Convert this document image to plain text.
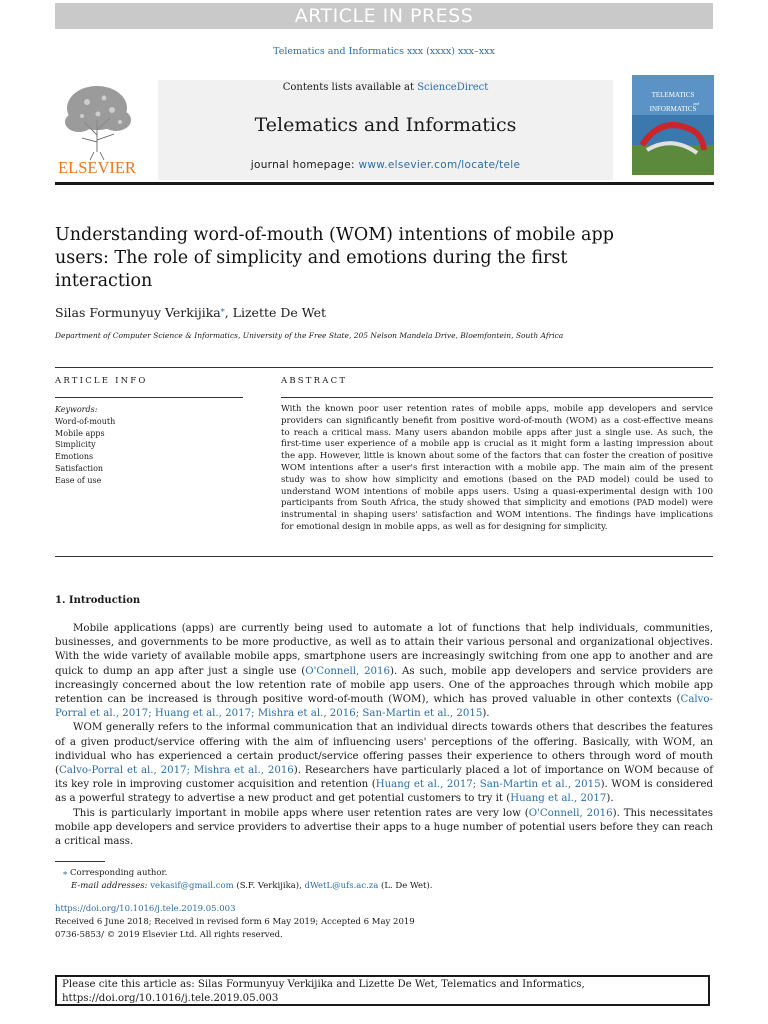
ARTICLE IN PRESS
Telematics and Informatics xxx (xxxx) xxx–xxx
ELSEVIER
Contents lists available at ScienceDirect
Telematics and Informatics
journal homepage: www.elsevier.com/locate/tele
TELEMATICS
and
INFORMATICS
Understanding word-of-mouth (WOM) intentions of mobile app users: The role of simplicity and emotions during the first interaction
Silas Formunyuy Verkijika⁎, Lizette De Wet
Department of Computer Science & Informatics, University of the Free State, 205 Nelson Mandela Drive, Bloemfontein, South Africa
ARTICLE INFO	ABSTRACT
Keywords:
Word-of-mouth
Mobile apps
Simplicity
Emotions
Satisfaction
Ease of use
With the known poor user retention rates of mobile apps, mobile app developers and service providers can significantly benefit from positive word-of-mouth (WOM) as a cost-effective means to reach a critical mass. Many users abandon mobile apps after just a single use. As such, the first-time user experience of a mobile app is crucial as it might form a lasting impression about the app. However, little is known about some of the factors that can foster the creation of positive WOM intentions after a user's first interaction with a mobile app. The main aim of the present study was to show how simplicity and emotions (based on the PAD model) could be used to understand WOM intentions of mobile apps users. Using a quasi-experimental design with 100 participants from South Africa, the study showed that simplicity and emotions (PAD model) were instrumental in shaping users' satisfaction and WOM intentions. The findings have implications for emotional design in mobile apps, as well as for designing for simplicity.
1. Introduction

Mobile applications (apps) are currently being used to automate a lot of functions that help individuals, communities, businesses, and governments to be more productive, as well as to attain their various personal and organizational objectives. With the wide variety of available mobile apps, smartphone users are increasingly switching from one app to another and are quick to dump an app after just a single use (O'Connell, 2016). As such, mobile app developers and service providers are increasingly concerned about the low retention rate of mobile app users. One of the approaches through which mobile app retention can be increased is through positive word-of-mouth (WOM), which has proved valuable in other contexts (Calvo-Porral et al., 2017; Huang et al., 2017; Mishra et al., 2016; San-Martin et al., 2015).

WOM generally refers to the informal communication that an individual directs towards others that describes the features of a given product/service offering with the aim of influencing users' perceptions of the offering. Basically, with WOM, an individual who has experienced a certain product/service offering passes their experience to others through word of mouth (Calvo-Porral et al., 2017; Mishra et al., 2016). Researchers have particularly placed a lot of importance on WOM because of its key role in improving customer acquisition and retention (Huang et al., 2017; San-Martin et al., 2015). WOM is considered as a powerful strategy to advertise a new product and get potential customers to try it (Huang et al., 2017).

This is particularly important in mobile apps where user retention rates are very low (O'Connell, 2016). This necessitates mobile app developers and service providers to advertise their apps to a huge number of potential users before they can reach a critical mass.

⁎ Corresponding author.
E-mail addresses: vekasif@gmail.com (S.F. Verkijika), dWetL@ufs.ac.za (L. De Wet).
https://doi.org/10.1016/j.tele.2019.05.003
Received 6 June 2018; Received in revised form 6 May 2019; Accepted 6 May 2019
0736-5853/ © 2019 Elsevier Ltd. All rights reserved.
Please cite this article as: Silas Formunyuy Verkijika and Lizette De Wet, Telematics and Informatics,
https://doi.org/10.1016/j.tele.2019.05.003
